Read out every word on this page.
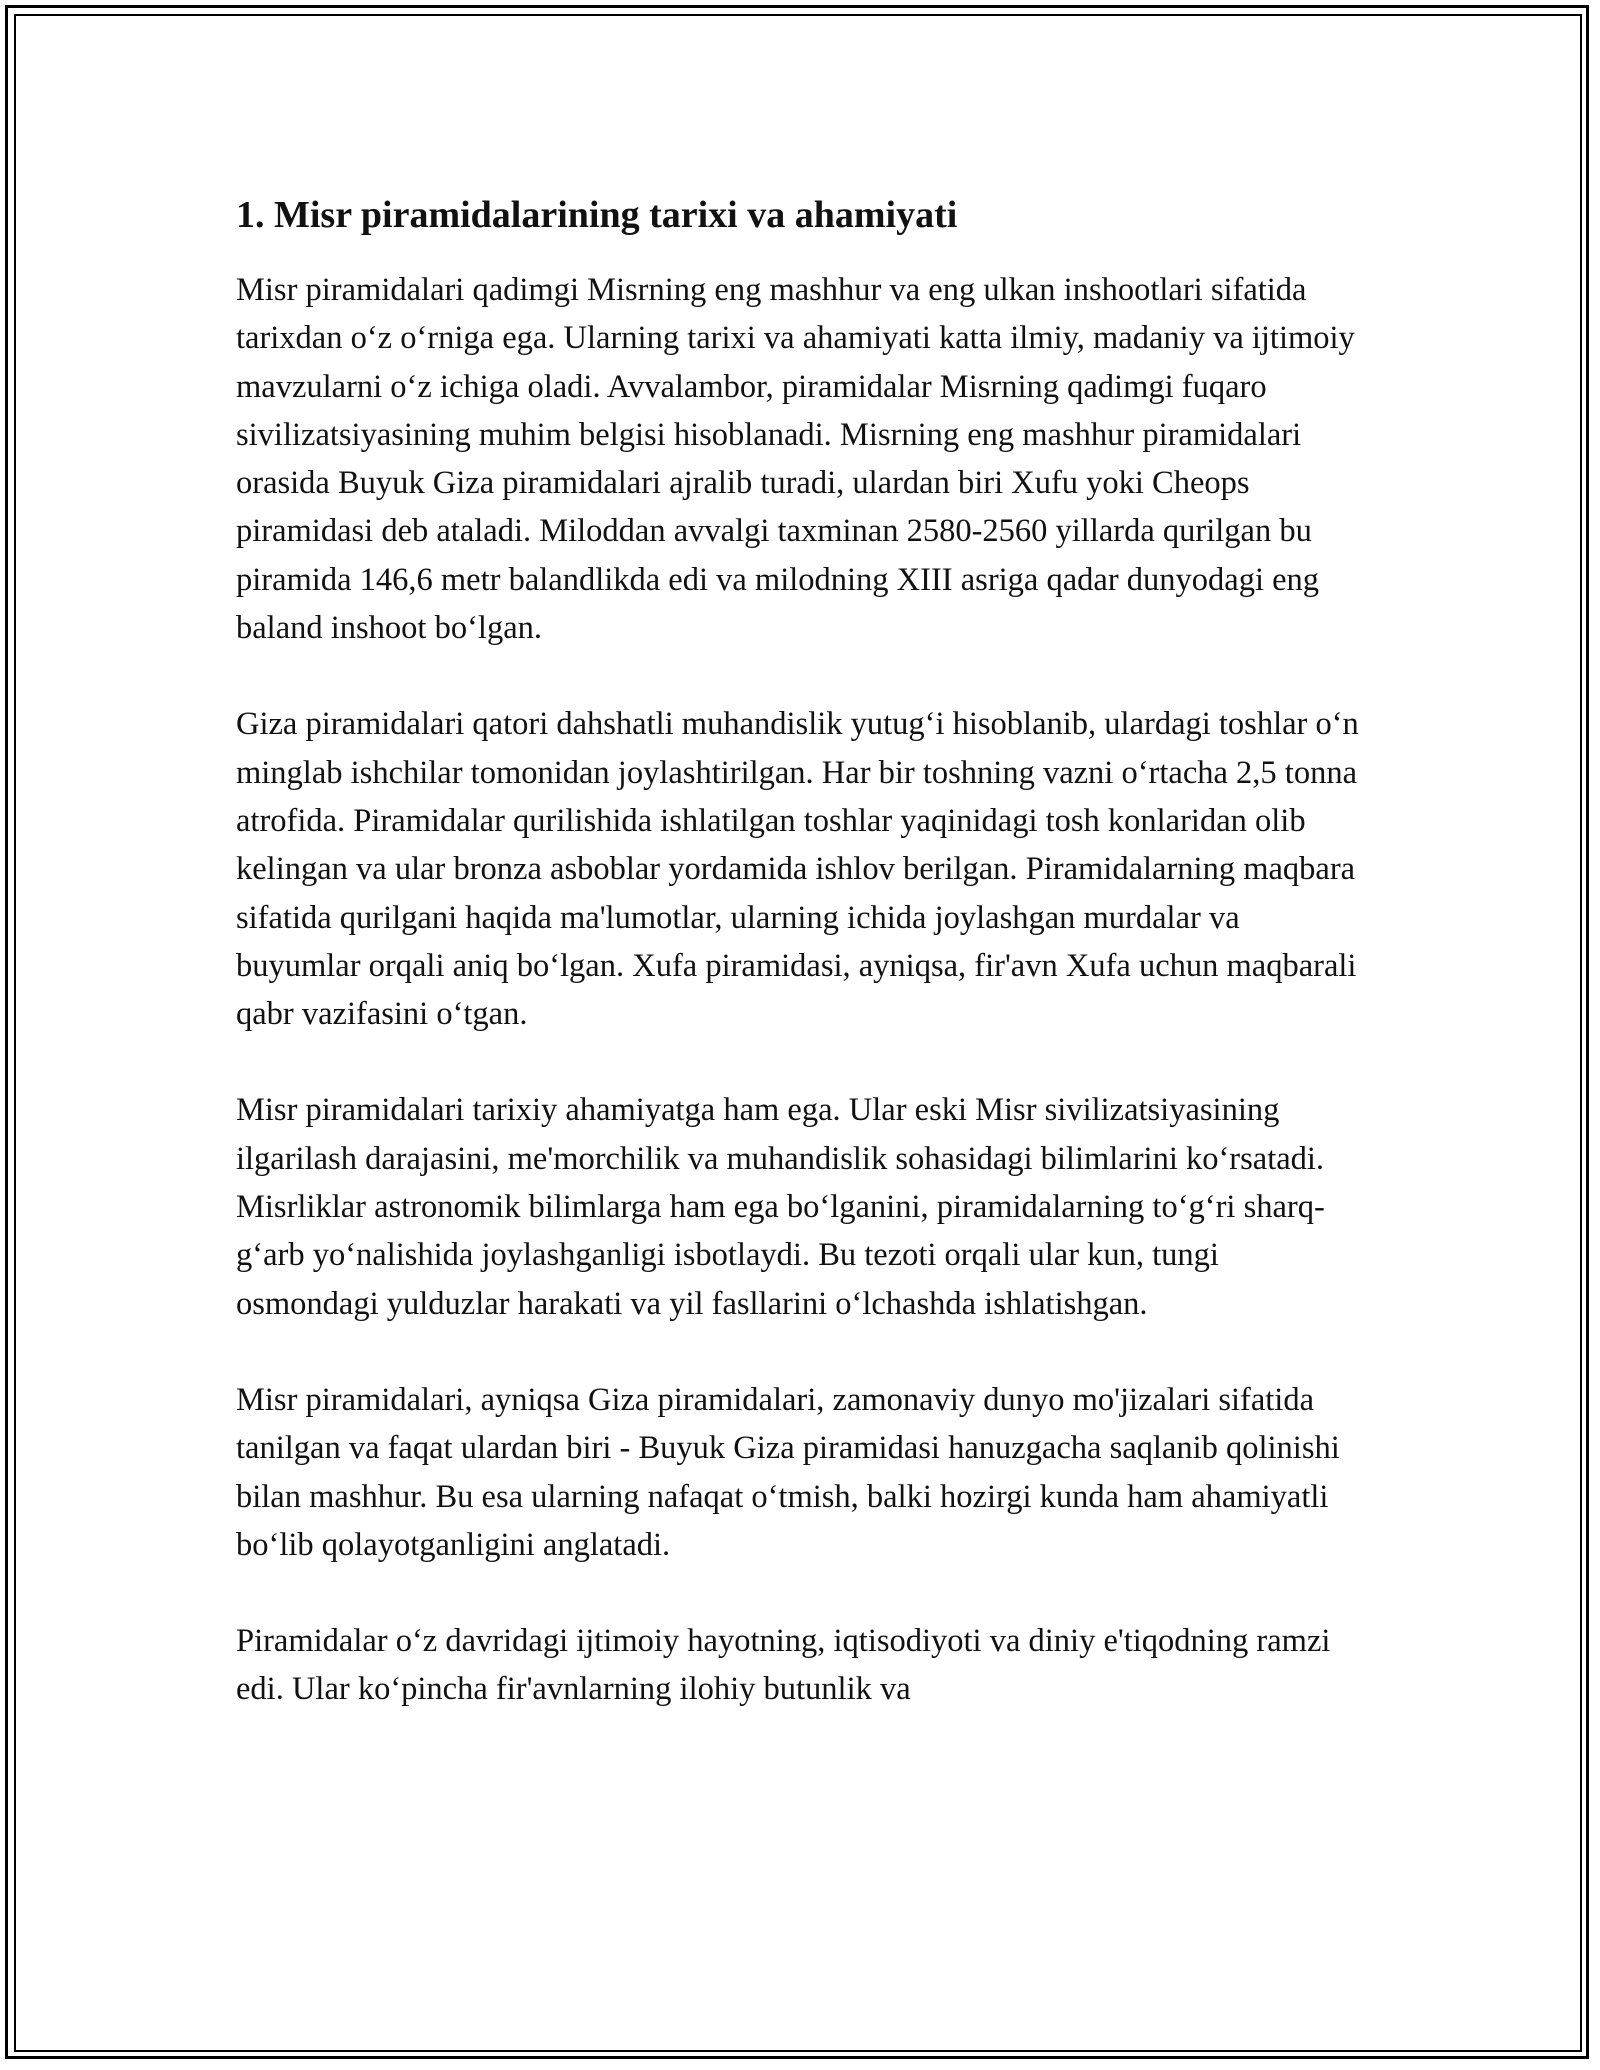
1. Misr piramidalarining tarixi va ahamiyati

Misr piramidalari qadimgi Misrning eng mashhur va eng ulkan inshootlari sifatida tarixdan o‘z o‘rniga ega. Ularning tarixi va ahamiyati katta ilmiy, madaniy va ijtimoiy mavzularni o‘z ichiga oladi. Avvalambor, piramidalar Misrning qadimgi fuqaro sivilizatsiyasining muhim belgisi hisoblanadi. Misrning eng mashhur piramidalari orasida Buyuk Giza piramidalari ajralib turadi, ulardan biri Xufu yoki Cheops piramidasi deb ataladi. Miloddan avvalgi taxminan 2580-2560 yillarda qurilgan bu piramida 146,6 metr balandlikda edi va milodning XIII asriga qadar dunyodagi eng baland inshoot bo‘lgan.

Giza piramidalari qatori dahshatli muhandislik yutug‘i hisoblanib, ulardagi toshlar o‘n minglab ishchilar tomonidan joylashtirilgan. Har bir toshning vazni o‘rtacha 2,5 tonna atrofida. Piramidalar qurilishida ishlatilgan toshlar yaqinidagi tosh konlaridan olib kelingan va ular bronza asboblar yordamida ishlov berilgan. Piramidalarning maqbara sifatida qurilgani haqida ma'lumotlar, ularning ichida joylashgan murdalar va buyumlar orqali aniq bo‘lgan. Xufa piramidasi, ayniqsa, fir'avn Xufa uchun maqbarali qabr vazifasini o‘tgan.

Misr piramidalari tarixiy ahamiyatga ham ega. Ular eski Misr sivilizatsiyasining ilgarilash darajasini, me'morchilik va muhandislik sohasidagi bilimlarini ko‘rsatadi. Misrliklar astronomik bilimlarga ham ega bo‘lganini, piramidalarning to‘g‘ri sharq-g‘arb yo‘nalishida joylashganligi isbotlaydi. Bu tezoti orqali ular kun, tungi osmondagi yulduzlar harakati va yil fasllarini o‘lchashda ishlatishgan.

Misr piramidalari, ayniqsa Giza piramidalari, zamonaviy dunyo mo'jizalari sifatida tanilgan va faqat ulardan biri - Buyuk Giza piramidasi hanuzgacha saqlanib qolinishi bilan mashhur. Bu esa ularning nafaqat o‘tmish, balki hozirgi kunda ham ahamiyatli bo‘lib qolayotganligini anglatadi.

Piramidalar o‘z davridagi ijtimoiy hayotning, iqtisodiyoti va diniy e'tiqodning ramzi edi. Ular ko‘pincha fir'avnlarning ilohiy butunlik va
